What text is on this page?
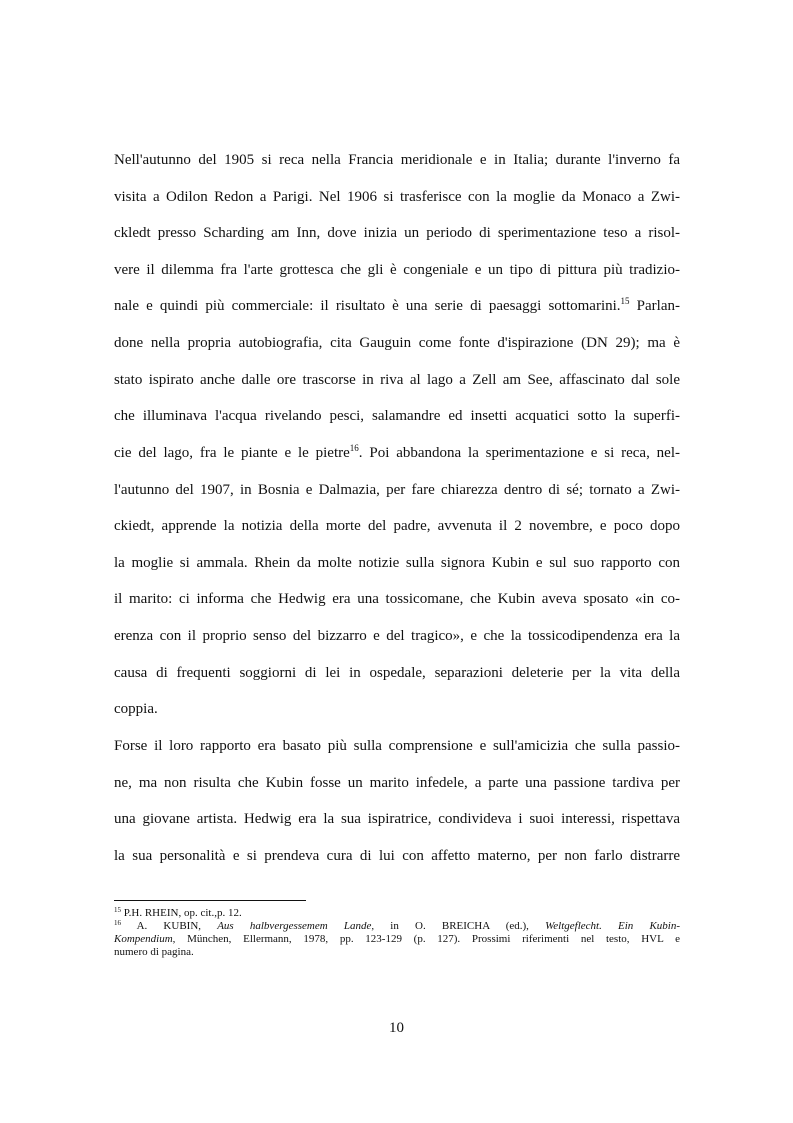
Nell'autunno del 1905 si reca nella Francia meridionale e in Italia; durante l'inverno fa
visita a Odilon Redon a Parigi. Nel 1906 si trasferisce con la moglie da Monaco a Zwi-
ckledt presso Scharding am Inn, dove inizia un periodo di sperimentazione teso a risol-
vere il dilemma fra l'arte grottesca che gli è congeniale e un tipo di pittura più tradizio-
nale e quindi più commerciale: il risultato è una serie di paesaggi sottomarini.$^{15}$ Parlan-
done nella propria autobiografia, cita Gauguin come fonte d'ispirazione (DN 29); ma è
stato ispirato anche dalle ore trascorse in riva al lago a Zell am See, affascinato dal sole
che illuminava l'acqua rivelando pesci, salamandre ed insetti acquatici sotto la superfi-
cie del lago, fra le piante e le pietre$^{16}$. Poi abbandona la sperimentazione e si reca, nel-
l'autunno del 1907, in Bosnia e Dalmazia, per fare chiarezza dentro di sé; tornato a Zwi-
ckiedt, apprende la notizia della morte del padre, avvenuta il 2 novembre, e poco dopo
la moglie si ammala. Rhein da molte notizie sulla signora Kubin e sul suo rapporto con
il marito: ci informa che Hedwig era una tossicomane, che Kubin aveva sposato «in co-
erenza con il proprio senso del bizzarro e del tragico», e che la tossicodipendenza era la
causa di frequenti soggiorni di lei in ospedale, separazioni deleterie per la vita della
coppia.
Forse il loro rapporto era basato più sulla comprensione e sull'amicizia che sulla passio-
ne, ma non risulta che Kubin fosse un marito infedele, a parte una passione tardiva per
una giovane artista. Hedwig era la sua ispiratrice, condivideva i suoi interessi, rispettava
la sua personalità e si prendeva cura di lui con affetto materno, per non farlo distrarre
$^{15}$ P.H. RHEIN, op. cit.,p. 12.
$^{16}$ A. KUBIN, Aus halbvergessemem Lande, in O. BREICHA (ed.), Weltgeflecht. Ein Kubin-
Kompendium, München, Ellermann, 1978, pp. 123-129 (p. 127). Prossimi riferimenti nel testo, HVL e
numero di pagina.
10
